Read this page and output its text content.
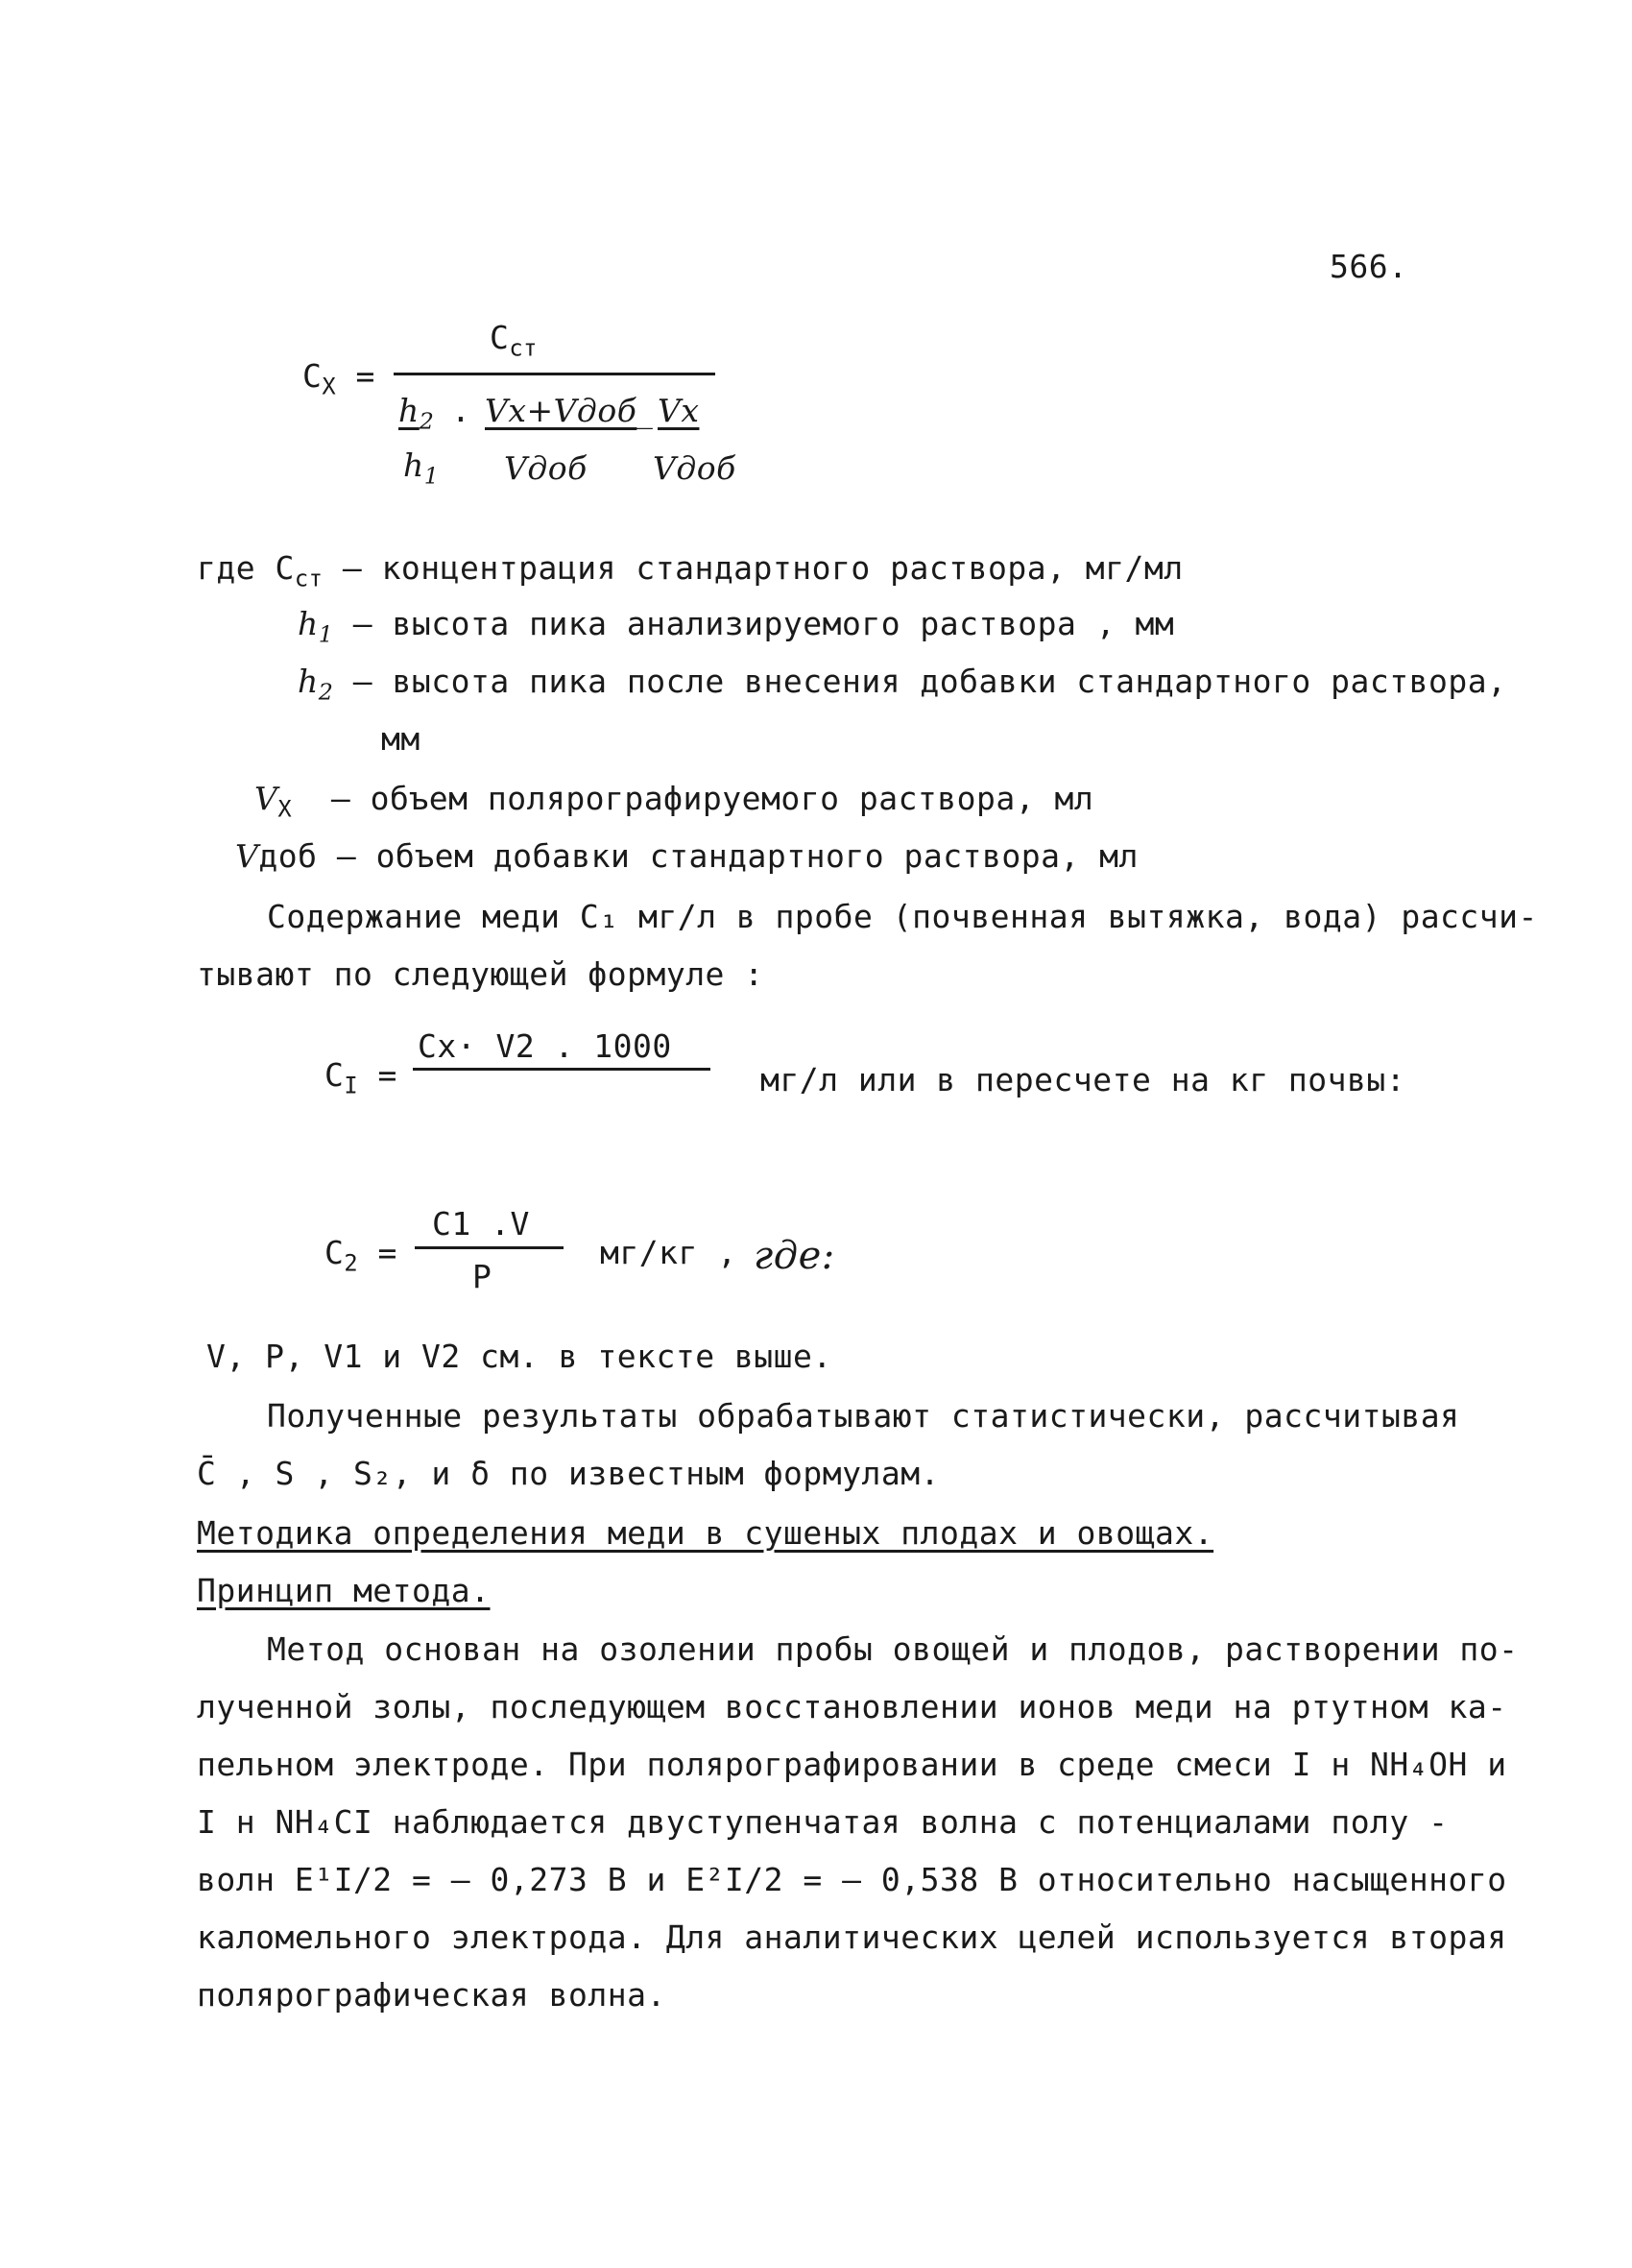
566.
$C_X$ =
$C_{ст}$
$h_2$ . Vx+Vдоб
_ Vx
$h_1$ Vдоб Vдоб
где $C_{ст}$ – концентрация стандартного раствора, мг/мл
$h_1$ – высота пика анализируемого раствора , мм
$h_2$ – высота пика после внесения добавки стандартного раствора,
мм
$V_X$ – объем полярографируемого раствора, мл
Vдоб – объем добавки стандартного раствора, мл
Содержание меди C₁ мг/л в пробе (почвенная вытяжка, вода) рассчи-
тывают по следующей формуле :
$C_I$ =
Cx· V2 . 1000
мг/л или в пересчете на кг почвы:
$C_2$ =
C1 .V
P
мг/кг , где:
V, P, V1 и V2 см. в тексте выше.
Полученные результаты обрабатывают статистически, рассчитывая
C̄ , S , S₂, и δ по известным формулам.
Методика определения меди в сушеных плодах и овощах.
Принцип метода.
Метод основан на озолении пробы овощей и плодов, растворении по-
лученной золы, последующем восстановлении ионов меди на ртутном ка-
пельном электроде. При полярографировании в среде смеси I н NH₄OH и
I н NH₄CI наблюдается двуступенчатая волна с потенциалами полу -
волн E¹I/2 = – 0,273 В и E²I/2 = – 0,538 В относительно насыщенного
каломельного электрода. Для аналитических целей используется вторая
полярографическая волна.
